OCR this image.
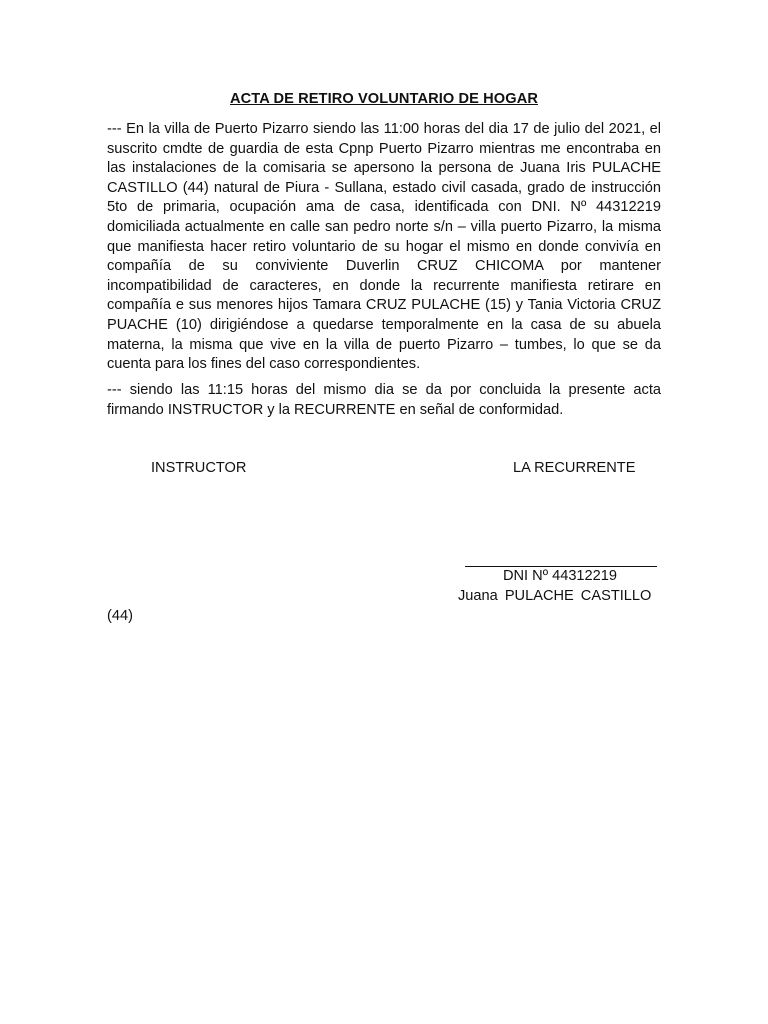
ACTA DE RETIRO VOLUNTARIO DE HOGAR

--- En la villa de Puerto Pizarro siendo las 11:00 horas del dia 17 de julio del 2021, el suscrito cmdte de guardia de esta Cpnp Puerto Pizarro mientras me encontraba en las instalaciones de la comisaria se apersono la persona de Juana Iris PULACHE CASTILLO (44) natural de Piura - Sullana, estado civil casada, grado de instrucción 5to de primaria, ocupación ama de casa, identificada con DNI. Nº 44312219 domiciliada actualmente en calle san pedro norte s/n – villa puerto Pizarro, la misma que manifiesta hacer retiro voluntario de su hogar el mismo en donde convivía en compañía de su conviviente Duverlin CRUZ CHICOMA por mantener incompatibilidad de caracteres, en donde la recurrente manifiesta retirare en compañía e sus menores hijos Tamara CRUZ PULACHE (15) y Tania Victoria CRUZ PUACHE (10) dirigiéndose a quedarse temporalmente en la casa de su abuela materna, la misma que vive en la villa de puerto Pizarro – tumbes, lo que se da cuenta para los fines del caso correspondientes.

--- siendo las 11:15 horas del mismo dia se da por concluida la presente acta firmando INSTRUCTOR y la RECURRENTE en señal de conformidad.

INSTRUCTOR	LA RECURRENTE
DNI Nº 44312219
Juana PULACHE CASTILLO
(44)
